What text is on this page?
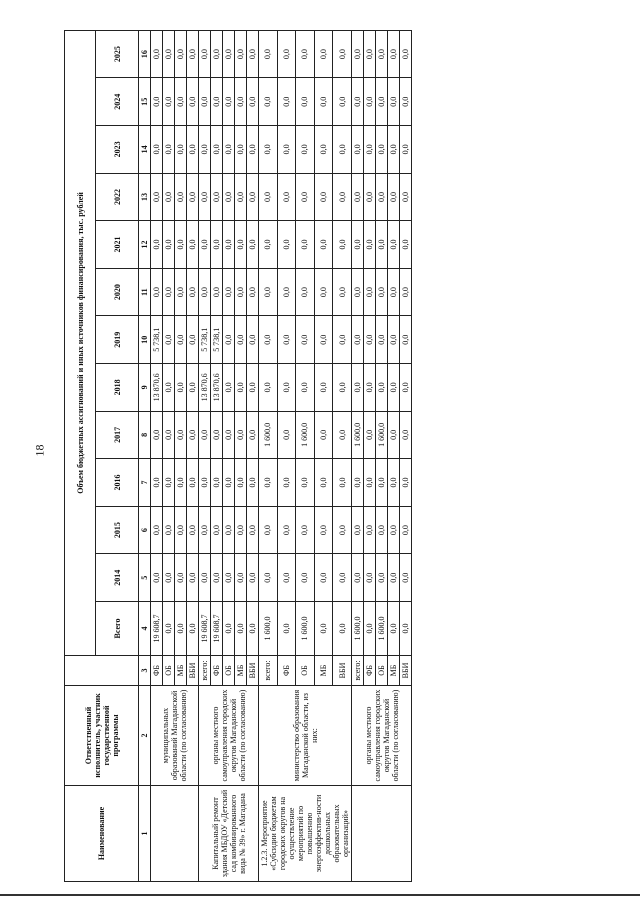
18
Наименование	Ответственный исполнитель, участник государственной программы		Объем бюджетных ассигнований и иных источников финансирования, тыс. рублей												
			Всего	2014	2015	2016	2017	2018	2019	2020	2021	2022	2023	2024	2025
1	2	3	4	5	6	7	8	9	10	11	12	13	14	15	16
	муниципальных образований Магаданской области (по согласованию)	ФБ	19 608,7	0,0	0,0	0,0	0,0	13 870,6	5 738,1	0,0	0,0	0,0	0,0	0,0	0,0
		ОБ	0,0	0,0	0,0	0,0	0,0	0,0	0,0	0,0	0,0	0,0	0,0	0,0	0,0
		МБ	0,0	0,0	0,0	0,0	0,0	0,0	0,0	0,0	0,0	0,0	0,0	0,0	0,0
		ВБИ	0,0	0,0	0,0	0,0	0,0	0,0	0,0	0,0	0,0	0,0	0,0	0,0	0,0
Капитальный ремонт здания МБДОУ «Детский сад комбинированного вида № 39» г. Магадана	органы местного самоуправления городских округов Магаданской области (по согласованию)	всего:	19 608,7	0,0	0,0	0,0	0,0	13 870,6	5 738,1	0,0	0,0	0,0	0,0	0,0	0,0
		ФБ	19 608,7	0,0	0,0	0,0	0,0	13 870,6	5 738,1	0,0	0,0	0,0	0,0	0,0	0,0
		ОБ	0,0	0,0	0,0	0,0	0,0	0,0	0,0	0,0	0,0	0,0	0,0	0,0	0,0
		МБ	0,0	0,0	0,0	0,0	0,0	0,0	0,0	0,0	0,0	0,0	0,0	0,0	0,0
		ВБИ	0,0	0,0	0,0	0,0	0,0	0,0	0,0	0,0	0,0	0,0	0,0	0,0	0,0
1.2.3. Мероприятие «Субсидии бюджетам городских округов на осуществление мероприятий по повышению энергоэффектив-ности дошкольных образовательных организаций»	министерство образования Магаданской области, из них:	всего:	1 600,0	0,0	0,0	0,0	1 600,0	0,0	0,0	0,0	0,0	0,0	0,0	0,0	0,0
		ФБ	0,0	0,0	0,0	0,0	0,0	0,0	0,0	0,0	0,0	0,0	0,0	0,0	0,0
		ОБ	1 600,0	0,0	0,0	0,0	1 600,0	0,0	0,0	0,0	0,0	0,0	0,0	0,0	0,0
		МБ	0,0	0,0	0,0	0,0	0,0	0,0	0,0	0,0	0,0	0,0	0,0	0,0	0,0
		ВБИ	0,0	0,0	0,0	0,0	0,0	0,0	0,0	0,0	0,0	0,0	0,0	0,0	0,0
	органы местного самоуправления городских округов Магаданской области (по согласованию)	всего:	1 600,0	0,0	0,0	0,0	1 600,0	0,0	0,0	0,0	0,0	0,0	0,0	0,0	0,0
		ФБ	0,0	0,0	0,0	0,0	0,0	0,0	0,0	0,0	0,0	0,0	0,0	0,0	0,0
		ОБ	1 600,0	0,0	0,0	0,0	1 600,0	0,0	0,0	0,0	0,0	0,0	0,0	0,0	0,0
		МБ	0,0	0,0	0,0	0,0	0,0	0,0	0,0	0,0	0,0	0,0	0,0	0,0	0,0
		ВБИ	0,0	0,0	0,0	0,0	0,0	0,0	0,0	0,0	0,0	0,0	0,0	0,0	0,0
